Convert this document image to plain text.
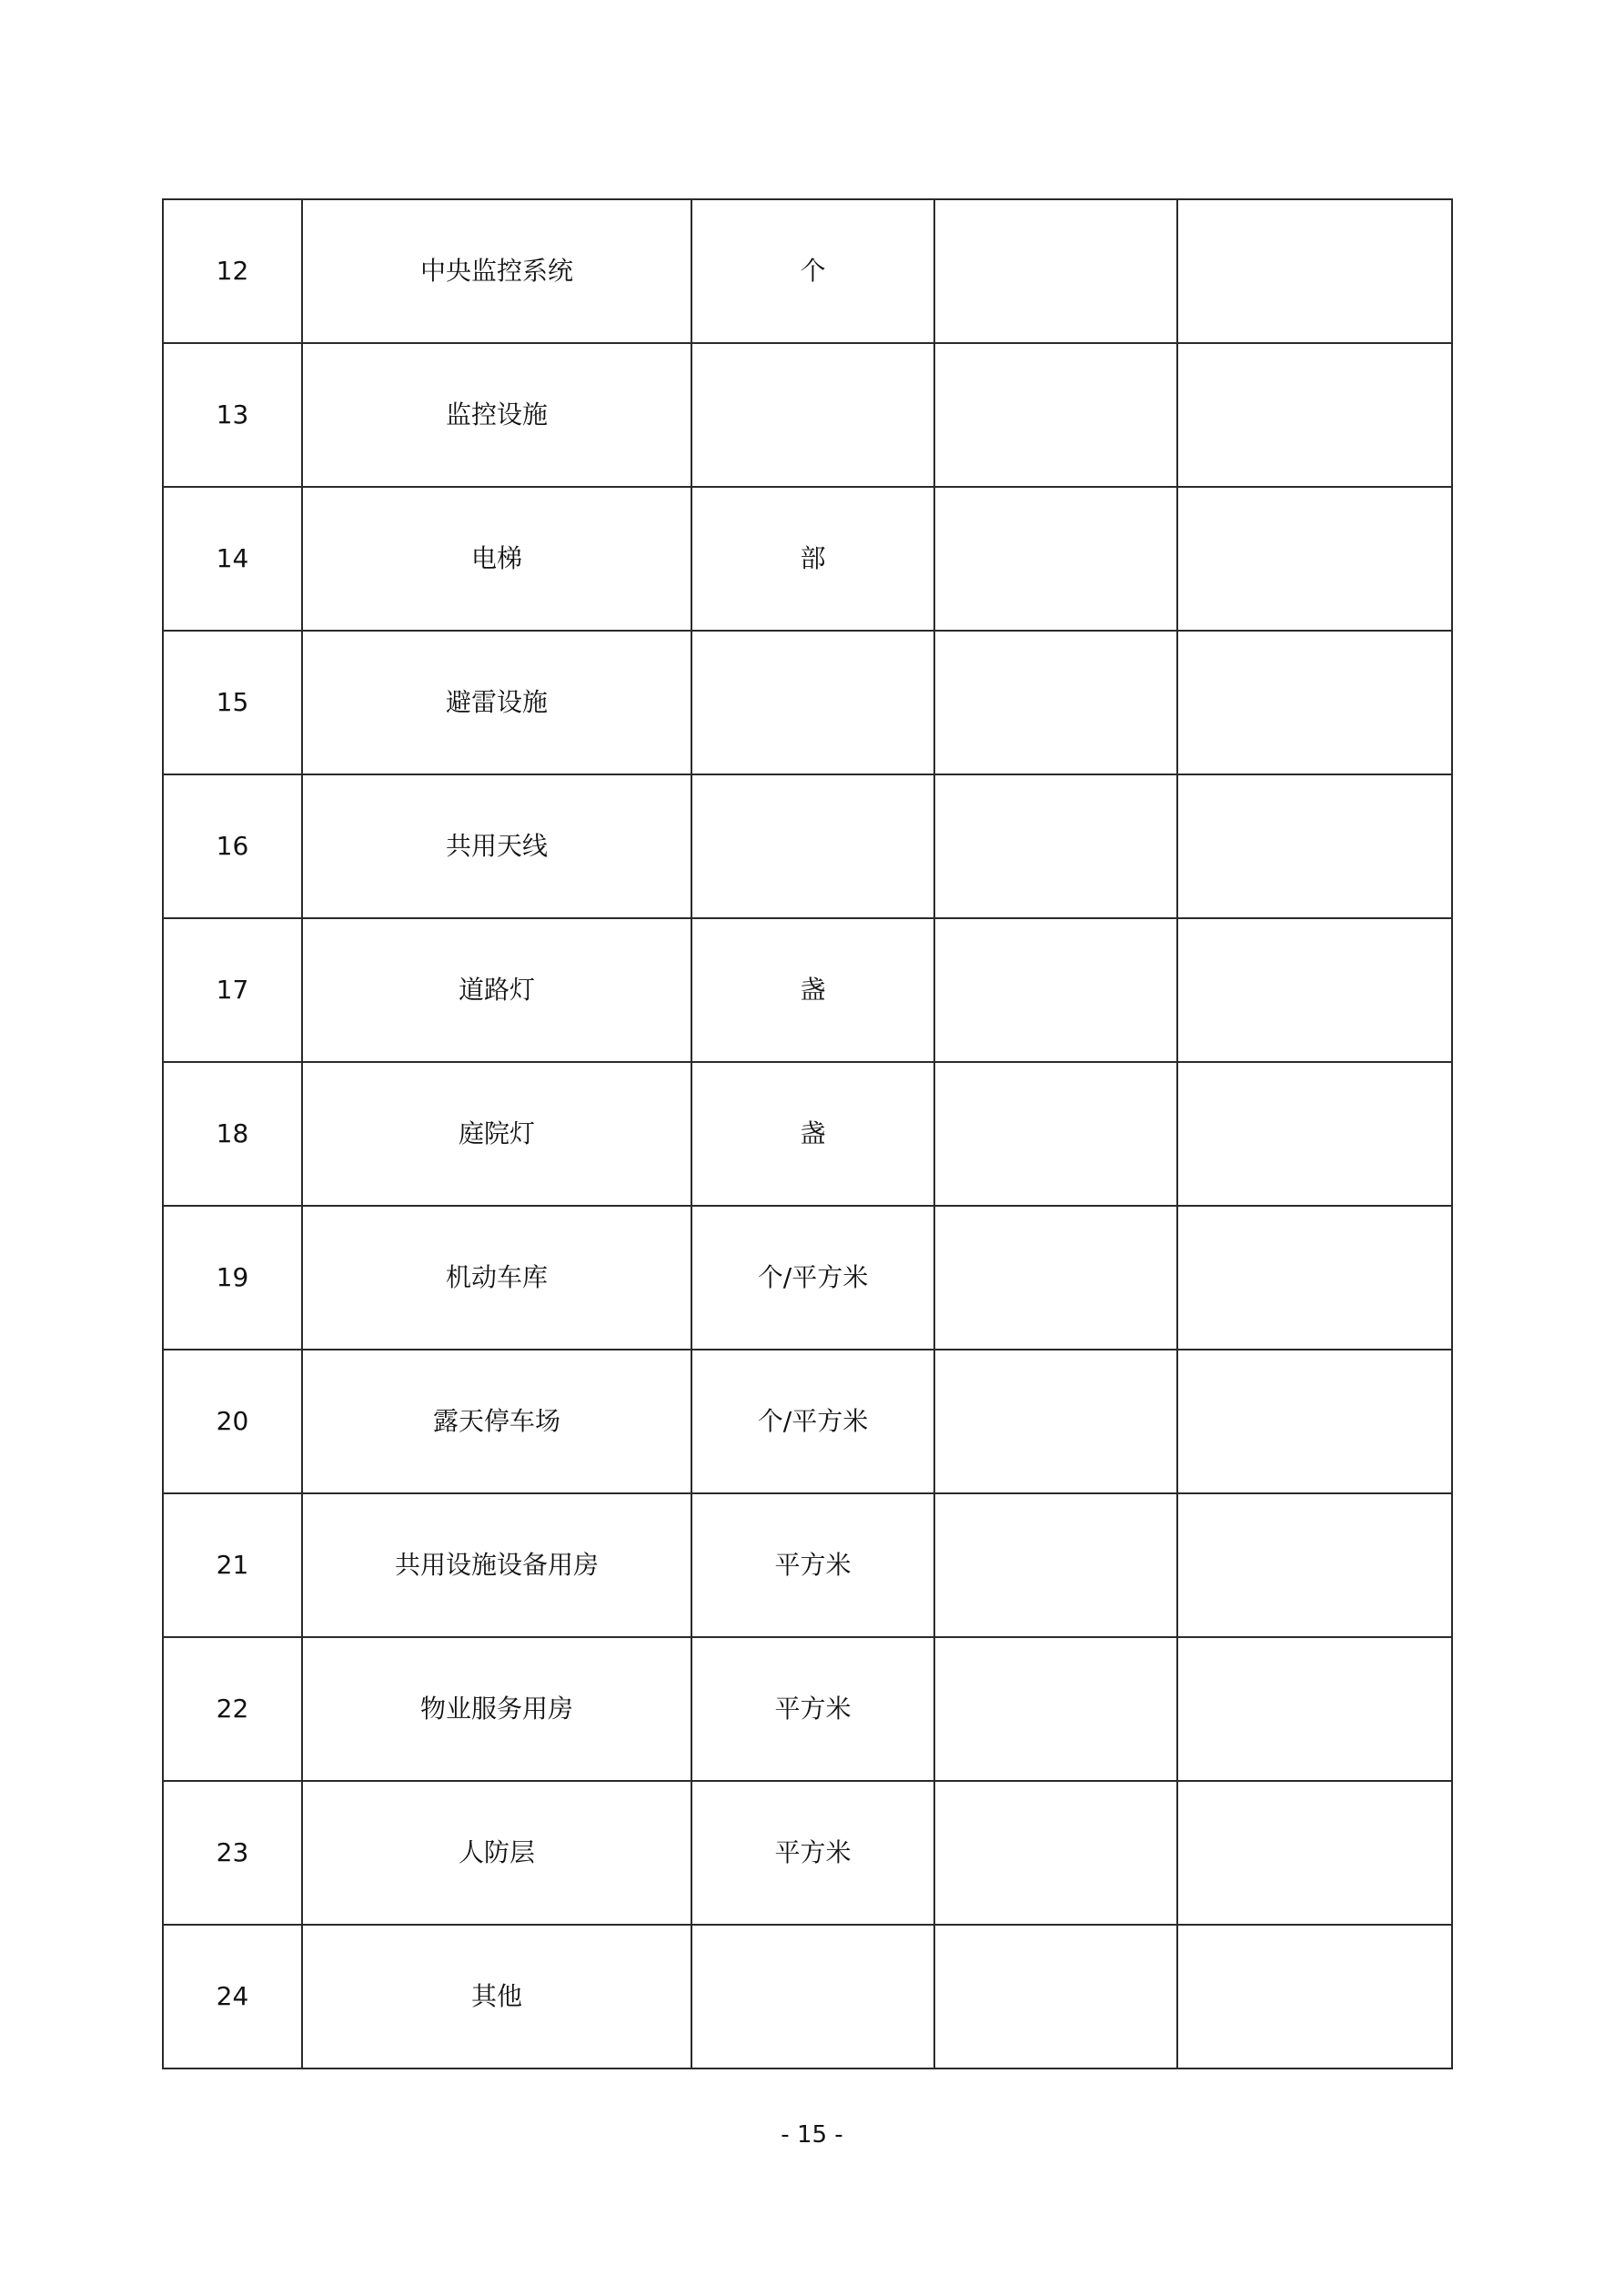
12	中央监控系统	个		
13	监控设施			
14	电梯	部		
15	避雷设施			
16	共用天线			
17	道路灯	盏		
18	庭院灯	盏		
19	机动车库	个/平方米		
20	露天停车场	个/平方米		
21	共用设施设备用房	平方米		
22	物业服务用房	平方米		
23	人防层	平方米		
24	其他			
- 15 -
